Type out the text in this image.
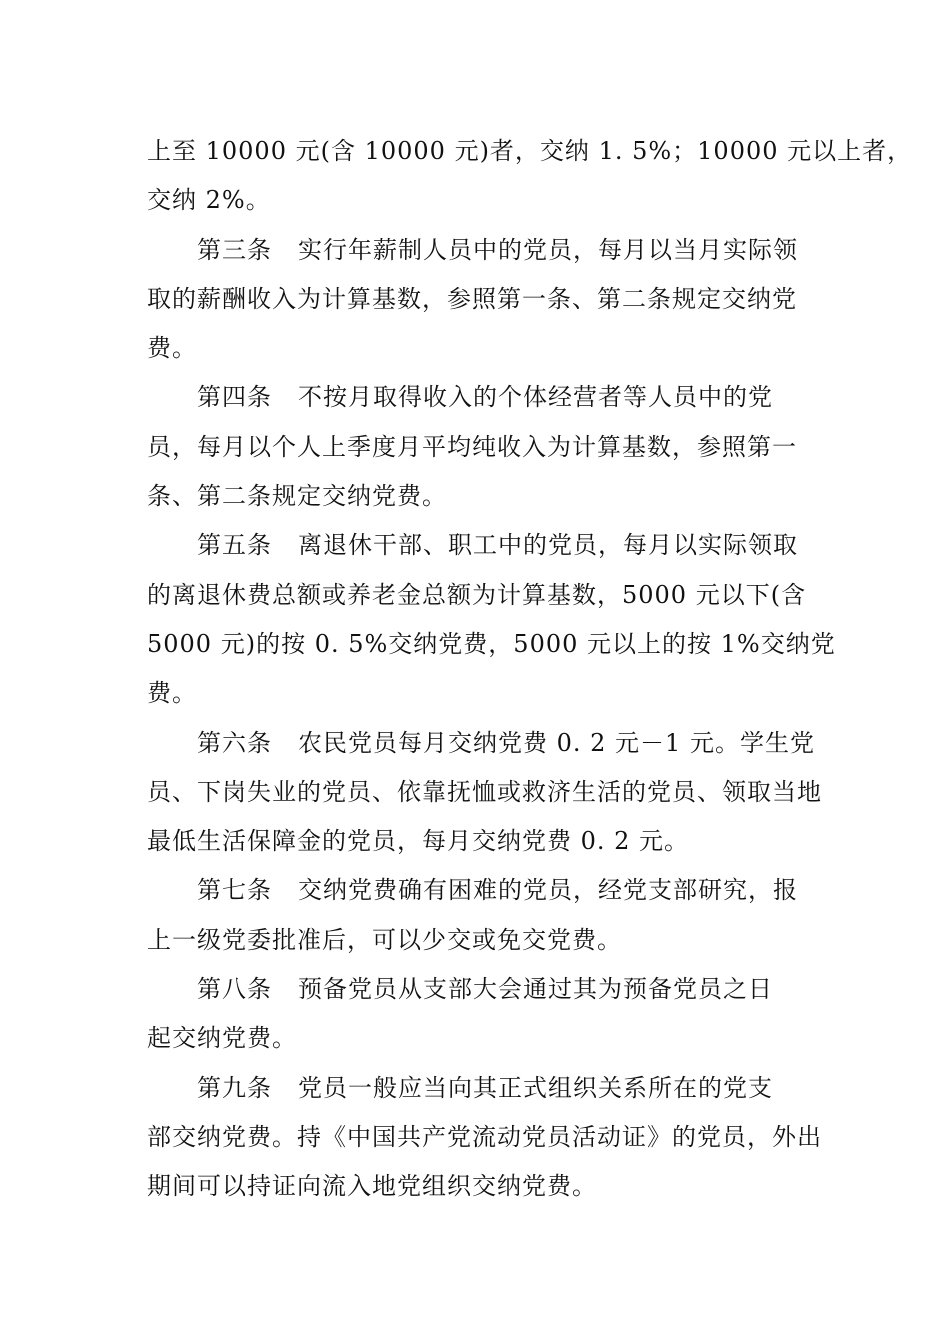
上至 10000 元(含 10000 元)者，交纳 1. 5%；10000 元以上者，
交纳 2%。
第三条 实行年薪制人员中的党员，每月以当月实际领
取的薪酬收入为计算基数，参照第一条、第二条规定交纳党
费。
第四条 不按月取得收入的个体经营者等人员中的党
员，每月以个人上季度月平均纯收入为计算基数，参照第一
条、第二条规定交纳党费。
第五条 离退休干部、职工中的党员，每月以实际领取
的离退休费总额或养老金总额为计算基数，5000 元以下(含
5000 元)的按 0. 5%交纳党费，5000 元以上的按 1%交纳党
费。
第六条 农民党员每月交纳党费 0. 2 元－1 元。学生党
员、下岗失业的党员、依靠抚恤或救济生活的党员、领取当地
最低生活保障金的党员，每月交纳党费 0. 2 元。
第七条 交纳党费确有困难的党员，经党支部研究，报
上一级党委批准后，可以少交或免交党费。
第八条 预备党员从支部大会通过其为预备党员之日
起交纳党费。
第九条 党员一般应当向其正式组织关系所在的党支
部交纳党费。持《中国共产党流动党员活动证》的党员，外出
期间可以持证向流入地党组织交纳党费。
